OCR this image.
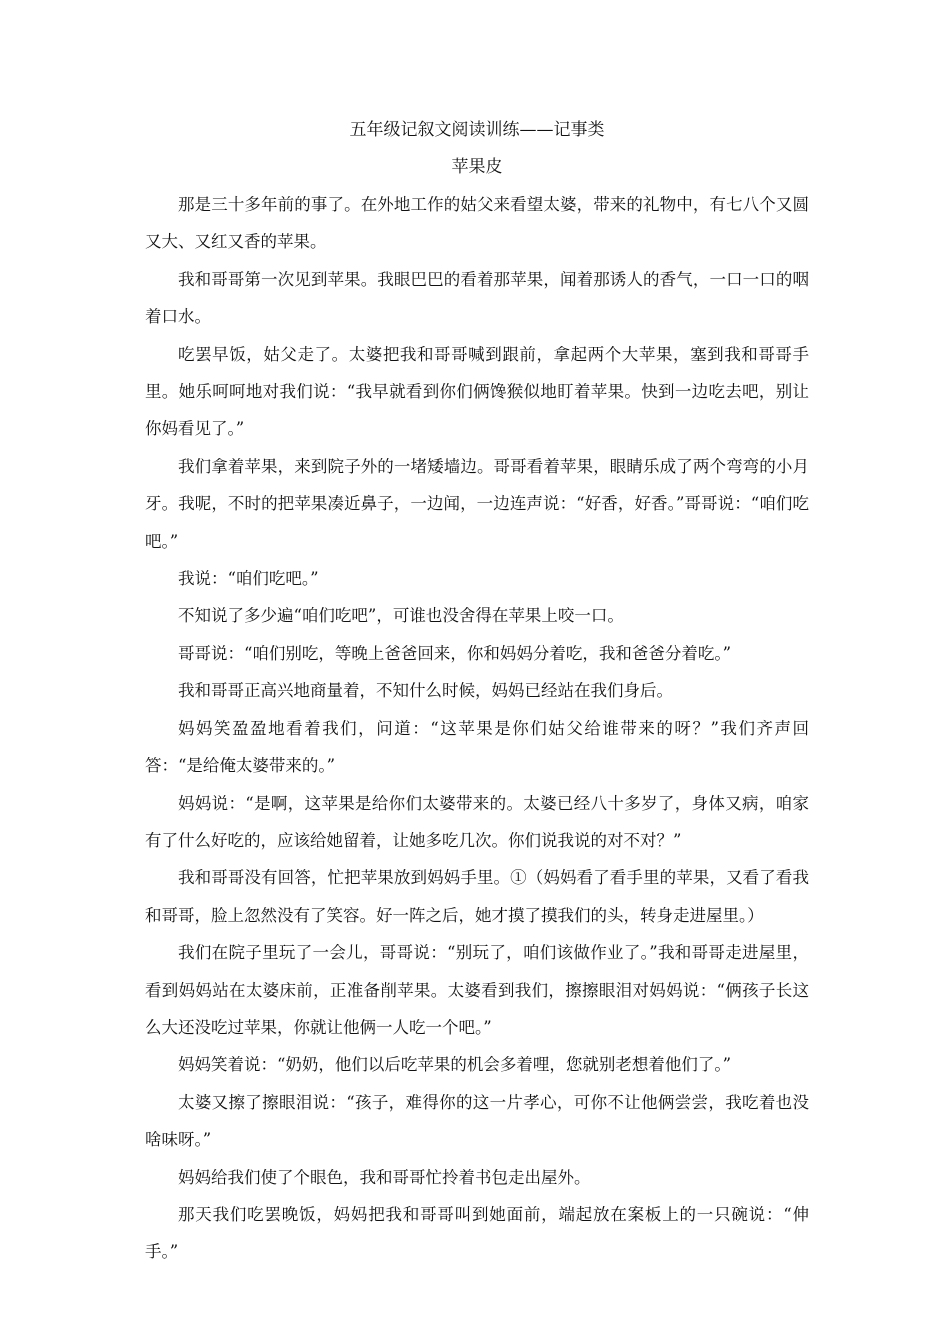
五年级记叙文阅读训练——记事类
苹果皮

那是三十多年前的事了。在外地工作的姑父来看望太婆，带来的礼物中，有七八个又圆又大、又红又香的苹果。

我和哥哥第一次见到苹果。我眼巴巴的看着那苹果，闻着那诱人的香气，一口一口的咽着口水。

吃罢早饭，姑父走了。太婆把我和哥哥喊到跟前，拿起两个大苹果，塞到我和哥哥手里。她乐呵呵地对我们说：“我早就看到你们俩馋猴似地盯着苹果。快到一边吃去吧，别让你妈看见了。”

我们拿着苹果，来到院子外的一堵矮墙边。哥哥看着苹果，眼睛乐成了两个弯弯的小月牙。我呢，不时的把苹果凑近鼻子，一边闻，一边连声说：“好香，好香。”哥哥说：“咱们吃吧。”

我说：“咱们吃吧。”

不知说了多少遍“咱们吃吧”，可谁也没舍得在苹果上咬一口。

哥哥说：“咱们别吃，等晚上爸爸回来，你和妈妈分着吃，我和爸爸分着吃。”

我和哥哥正高兴地商量着，不知什么时候，妈妈已经站在我们身后。

妈妈笑盈盈地看着我们，问道：“这苹果是你们姑父给谁带来的呀？”我们齐声回答：“是给俺太婆带来的。”

妈妈说：“是啊，这苹果是给你们太婆带来的。太婆已经八十多岁了，身体又病，咱家有了什么好吃的，应该给她留着，让她多吃几次。你们说我说的对不对？”

我和哥哥没有回答，忙把苹果放到妈妈手里。①（妈妈看了看手里的苹果，又看了看我和哥哥，脸上忽然没有了笑容。好一阵之后，她才摸了摸我们的头，转身走进屋里。）

我们在院子里玩了一会儿，哥哥说：“别玩了，咱们该做作业了。”我和哥哥走进屋里，看到妈妈站在太婆床前，正准备削苹果。太婆看到我们，擦擦眼泪对妈妈说：“俩孩子长这么大还没吃过苹果，你就让他俩一人吃一个吧。”

妈妈笑着说：“奶奶，他们以后吃苹果的机会多着哩，您就别老想着他们了。”

太婆又擦了擦眼泪说：“孩子，难得你的这一片孝心，可你不让他俩尝尝，我吃着也没啥味呀。”

妈妈给我们使了个眼色，我和哥哥忙拎着书包走出屋外。

那天我们吃罢晚饭，妈妈把我和哥哥叫到她面前，端起放在案板上的一只碗说：“伸手。”
